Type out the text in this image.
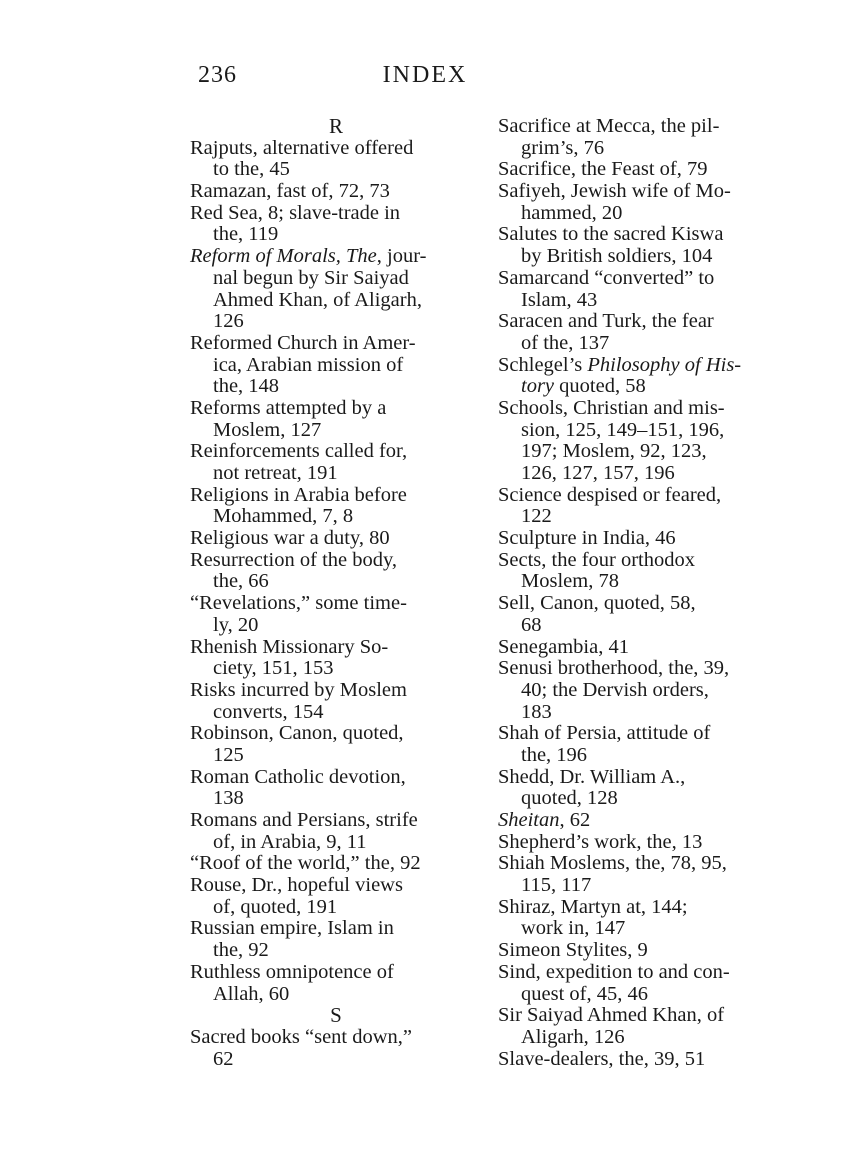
236	INDEX
R
Rajputs, alternative offered
to the, 45
Ramazan, fast of, 72, 73
Red Sea, 8; slave-trade in
the, 119
Reform of Morals, The, jour-
nal begun by Sir Saiyad
Ahmed Khan, of Aligarh,
126
Reformed Church in Amer-
ica, Arabian mission of
the, 148
Reforms attempted by a
Moslem, 127
Reinforcements called for,
not retreat, 191
Religions in Arabia before
Mohammed, 7, 8
Religious war a duty, 80
Resurrection of the body,
the, 66
“Revelations,” some time-
ly, 20
Rhenish Missionary So-
ciety, 151, 153
Risks incurred by Moslem
converts, 154
Robinson, Canon, quoted,
125
Roman Catholic devotion,
138
Romans and Persians, strife
of, in Arabia, 9, 11
“Roof of the world,” the, 92
Rouse, Dr., hopeful views
of, quoted, 191
Russian empire, Islam in
the, 92
Ruthless omnipotence of
Allah, 60
S
Sacred books “sent down,”
62
Sacrifice at Mecca, the pil-
grim’s, 76
Sacrifice, the Feast of, 79
Safiyeh, Jewish wife of Mo-
hammed, 20
Salutes to the sacred Kiswa
by British soldiers, 104
Samarcand “converted” to
Islam, 43
Saracen and Turk, the fear
of the, 137
Schlegel’s Philosophy of His-
tory quoted, 58
Schools, Christian and mis-
sion, 125, 149–151, 196,
197; Moslem, 92, 123,
126, 127, 157, 196
Science despised or feared,
122
Sculpture in India, 46
Sects, the four orthodox
Moslem, 78
Sell, Canon, quoted, 58,
68
Senegambia, 41
Senusi brotherhood, the, 39,
40; the Dervish orders,
183
Shah of Persia, attitude of
the, 196
Shedd, Dr. William A.,
quoted, 128
Sheitan, 62
Shepherd’s work, the, 13
Shiah Moslems, the, 78, 95,
115, 117
Shiraz, Martyn at, 144;
work in, 147
Simeon Stylites, 9
Sind, expedition to and con-
quest of, 45, 46
Sir Saiyad Ahmed Khan, of
Aligarh, 126
Slave-dealers, the, 39, 51
